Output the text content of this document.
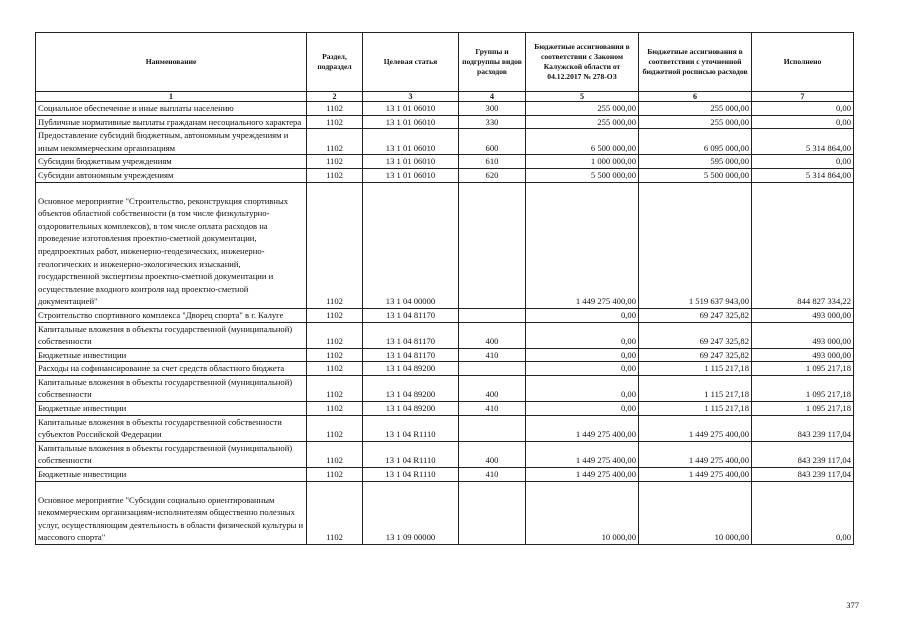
Наименование	Раздел, подраздел	Целевая статья	Группы и подгруппы видов расходов	Бюджетные ассигнования в соответствии с Законом Калужской области от 04.12.2017 № 278-ОЗ	Бюджетные ассигнования в соответствии с уточненной бюджетной росписью расходов	Исполнено
1	2	3	4	5	6	7
Социальное обеспечение и иные выплаты населению	1102	13 1 01 06010	300	255 000,00	255 000,00	0,00
Публичные нормативные выплаты гражданам несоциального характера	1102	13 1 01 06010	330	255 000,00	255 000,00	0,00
Предоставление субсидий бюджетным, автономным учреждениям и иным некоммерческим организациям	1102	13 1 01 06010	600	6 500 000,00	6 095 000,00	5 314 864,00
Субсидии бюджетным учреждениям	1102	13 1 01 06010	610	1 000 000,00	595 000,00	0,00
Субсидии автономным учреждениям	1102	13 1 01 06010	620	5 500 000,00	5 500 000,00	5 314 864,00
Основное мероприятие "Строительство, реконструкция спортивных объектов областной собственности (в том числе физкультурно-оздоровительных комплексов), в том числе оплата расходов на проведение изготовления проектно-сметной документации, предпроектных работ, инженерно-геодезических, инженерно-геологических и инженерно-экологических изысканий, государственной экспертизы проектно-сметной документации и осуществление входного контроля над проектно-сметной документацией"	1102	13 1 04 00000		1 449 275 400,00	1 519 637 943,00	844 827 334,22
Строительство спортивного комплекса "Дворец спорта" в г. Калуге	1102	13 1 04 81170		0,00	69 247 325,82	493 000,00
Капитальные вложения в объекты государственной (муниципальной) собственности	1102	13 1 04 81170	400	0,00	69 247 325,82	493 000,00
Бюджетные инвестиции	1102	13 1 04 81170	410	0,00	69 247 325,82	493 000,00
Расходы на софинансирование за счет средств областного бюджета	1102	13 1 04 89200		0,00	1 115 217,18	1 095 217,18
Капитальные вложения в объекты государственной (муниципальной) собственности	1102	13 1 04 89200	400	0,00	1 115 217,18	1 095 217,18
Бюджетные инвестиции	1102	13 1 04 89200	410	0,00	1 115 217,18	1 095 217,18
Капитальные вложения в объекты государственной собственности субъектов Российской Федерации	1102	13 1 04 R1110		1 449 275 400,00	1 449 275 400,00	843 239 117,04
Капитальные вложения в объекты государственной (муниципальной) собственности	1102	13 1 04 R1110	400	1 449 275 400,00	1 449 275 400,00	843 239 117,04
Бюджетные инвестиции	1102	13 1 04 R1110	410	1 449 275 400,00	1 449 275 400,00	843 239 117,04
Основное мероприятие "Субсидии социально ориентированным некоммерческим организациям-исполнителям общественно полезных услуг, осуществляющим деятельность в области физической культуры и массового спорта"	1102	13 1 09 00000		10 000,00	10 000,00	0,00
377
